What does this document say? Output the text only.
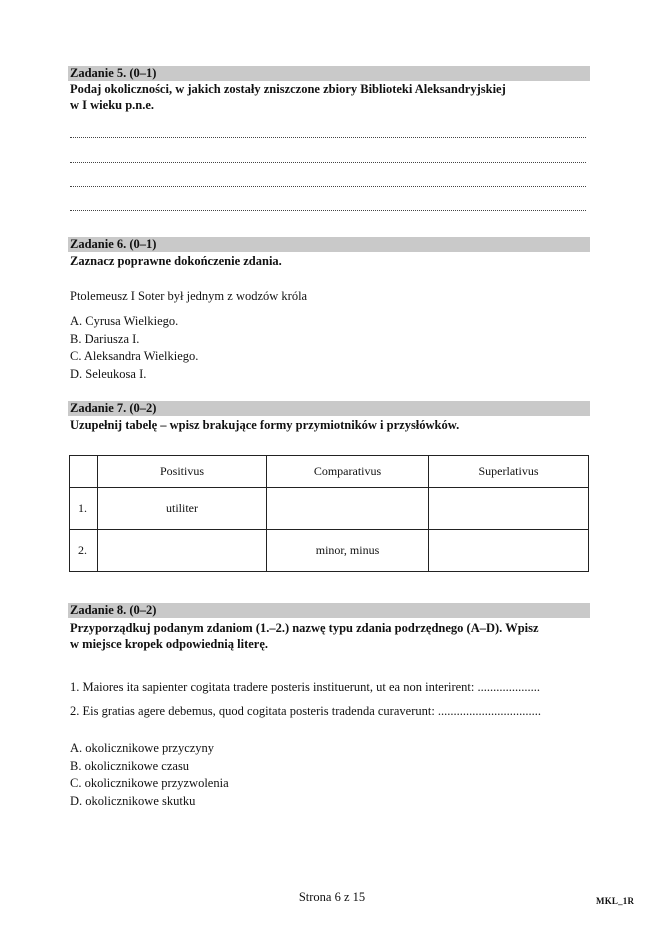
Zadanie 5. (0–1)
Podaj okoliczności, w jakich zostały zniszczone zbiory Biblioteki Aleksandryjskiej
w I wieku p.n.e.
Zadanie 6. (0–1)
Zaznacz poprawne dokończenie zdania.
Ptolemeusz I Soter był jednym z wodzów króla
A. Cyrusa Wielkiego.
B. Dariusza I.
C. Aleksandra Wielkiego.
D. Seleukosa I.
Zadanie 7. (0–2)
Uzupełnij tabelę – wpisz brakujące formy przymiotników i przysłówków.
	Positivus	Comparativus	Superlativus
1.	utiliter		
2.		minor, minus	
Zadanie 8. (0–2)
Przyporządkuj podanym zdaniom (1.–2.) nazwę typu zdania podrzędnego (A–D). Wpisz
w miejsce kropek odpowiednią literę.
1. Maiores ita sapienter cogitata tradere posteris instituerunt, ut ea non interirent: ....................
2. Eis gratias agere debemus, quod cogitata posteris tradenda curaverunt: .................................
A. okolicznikowe przyczyny
B. okolicznikowe czasu
C. okolicznikowe przyzwolenia
D. okolicznikowe skutku
Strona 6 z 15	MKL_1R
